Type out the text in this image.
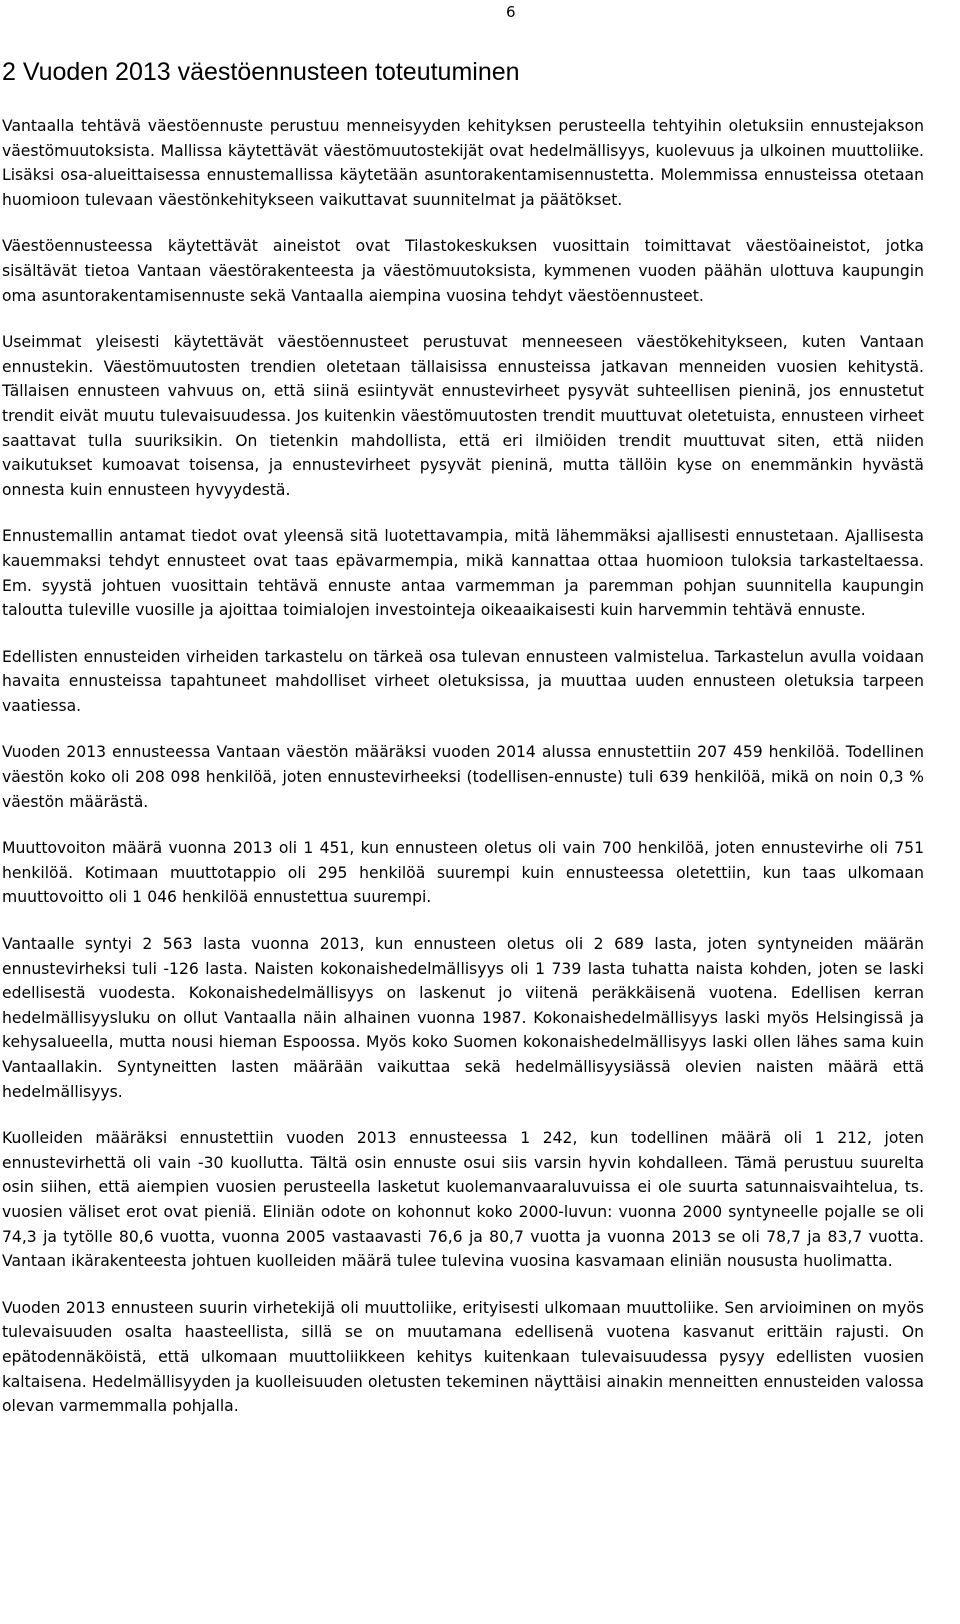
6
2 Vuoden 2013 väestöennusteen toteutuminen

Vantaalla tehtävä väestöennuste perustuu menneisyyden kehityksen perusteella tehtyihin oletuksiin ennustejakson väestömuutoksista. Mallissa käytettävät väestömuutostekijät ovat hedelmällisyys, kuolevuus ja ulkoinen muuttoliike. Lisäksi osa-alueittaisessa ennustemallissa käytetään asuntorakentamisennustetta. Molemmissa ennusteissa otetaan huomioon tulevaan väestönkehitykseen vaikuttavat suunnitelmat ja päätökset.

Väestöennusteessa käytettävät aineistot ovat Tilastokeskuksen vuosittain toimittavat väestöaineistot, jotka sisältävät tietoa Vantaan väestörakenteesta ja väestömuutoksista, kymmenen vuoden päähän ulottuva kaupungin oma asuntorakentamisennuste sekä Vantaalla aiempina vuosina tehdyt väestöennusteet.

Useimmat yleisesti käytettävät väestöennusteet perustuvat menneeseen väestökehitykseen, kuten Vantaan ennustekin. Väestömuutosten trendien oletetaan tällaisissa ennusteissa jatkavan menneiden vuosien kehitystä. Tällaisen ennusteen vahvuus on, että siinä esiintyvät ennustevirheet pysyvät suhteellisen pieninä, jos ennustetut trendit eivät muutu tulevaisuudessa. Jos kuitenkin väestömuutosten trendit muuttuvat oletetuista, ennusteen virheet saattavat tulla suuriksikin. On tietenkin mahdollista, että eri ilmiöiden trendit muuttuvat siten, että niiden vaikutukset kumoavat toisensa, ja ennustevirheet pysyvät pieninä, mutta tällöin kyse on enemmänkin hyvästä onnesta kuin ennusteen hyvyydestä.

Ennustemallin antamat tiedot ovat yleensä sitä luotettavampia, mitä lähemmäksi ajallisesti ennustetaan. Ajallisesta kauemmaksi tehdyt ennusteet ovat taas epävarmempia, mikä kannattaa ottaa huomioon tuloksia tarkasteltaessa. Em. syystä johtuen vuosittain tehtävä ennuste antaa varmemman ja paremman pohjan suunnitella kaupungin taloutta tuleville vuosille ja ajoittaa toimialojen investointeja oikeaaikaisesti kuin harvemmin tehtävä ennuste.

Edellisten ennusteiden virheiden tarkastelu on tärkeä osa tulevan ennusteen valmistelua. Tarkastelun avulla voidaan havaita ennusteissa tapahtuneet mahdolliset virheet oletuksissa, ja muuttaa uuden ennusteen oletuksia tarpeen vaatiessa.

Vuoden 2013 ennusteessa Vantaan väestön määräksi vuoden 2014 alussa ennustettiin 207 459 henkilöä. Todellinen väestön koko oli 208 098 henkilöä, joten ennustevirheeksi (todellisen-ennuste) tuli 639 henkilöä, mikä on noin 0,3 % väestön määrästä.

Muuttovoiton määrä vuonna 2013 oli 1 451, kun ennusteen oletus oli vain 700 henkilöä, joten ennustevirhe oli 751 henkilöä. Kotimaan muuttotappio oli 295 henkilöä suurempi kuin ennusteessa oletettiin, kun taas ulkomaan muuttovoitto oli 1 046 henkilöä ennustettua suurempi.

Vantaalle syntyi 2 563 lasta vuonna 2013, kun ennusteen oletus oli 2 689 lasta, joten syntyneiden määrän ennustevirheksi tuli -126 lasta. Naisten kokonaishedelmällisyys oli 1 739 lasta tuhatta naista kohden, joten se laski edellisestä vuodesta. Kokonaishedelmällisyys on laskenut jo viitenä peräkkäisenä vuotena. Edellisen kerran hedelmällisyysluku on ollut Vantaalla näin alhainen vuonna 1987. Kokonaishedelmällisyys laski myös Helsingissä ja kehysalueella, mutta nousi hieman Espoossa. Myös koko Suomen kokonaishedelmällisyys laski ollen lähes sama kuin Vantaallakin. Syntyneitten lasten määrään vaikuttaa sekä hedelmällisyysiässä olevien naisten määrä että hedelmällisyys.

Kuolleiden määräksi ennustettiin vuoden 2013 ennusteessa 1 242, kun todellinen määrä oli 1 212, joten ennustevirhettä oli vain -30 kuollutta. Tältä osin ennuste osui siis varsin hyvin kohdalleen. Tämä perustuu suurelta osin siihen, että aiempien vuosien perusteella lasketut kuolemanvaaraluvuissa ei ole suurta satunnaisvaihtelua, ts. vuosien väliset erot ovat pieniä. Eliniän odote on kohonnut koko 2000-luvun: vuonna 2000 syntyneelle pojalle se oli 74,3 ja tytölle 80,6 vuotta, vuonna 2005 vastaavasti 76,6 ja 80,7 vuotta ja vuonna 2013 se oli 78,7 ja 83,7 vuotta. Vantaan ikärakenteesta johtuen kuolleiden määrä tulee tulevina vuosina kasvamaan eliniän noususta huolimatta.

Vuoden 2013 ennusteen suurin virhetekijä oli muuttoliike, erityisesti ulkomaan muuttoliike. Sen arvioiminen on myös tulevaisuuden osalta haasteellista, sillä se on muutamana edellisenä vuotena kasvanut erittäin rajusti. On epätodennäköistä, että ulkomaan muuttoliikkeen kehitys kuitenkaan tulevaisuudessa pysyy edellisten vuosien kaltaisena. Hedelmällisyyden ja kuolleisuuden oletusten tekeminen näyttäisi ainakin menneitten ennusteiden valossa olevan varmemmalla pohjalla.
